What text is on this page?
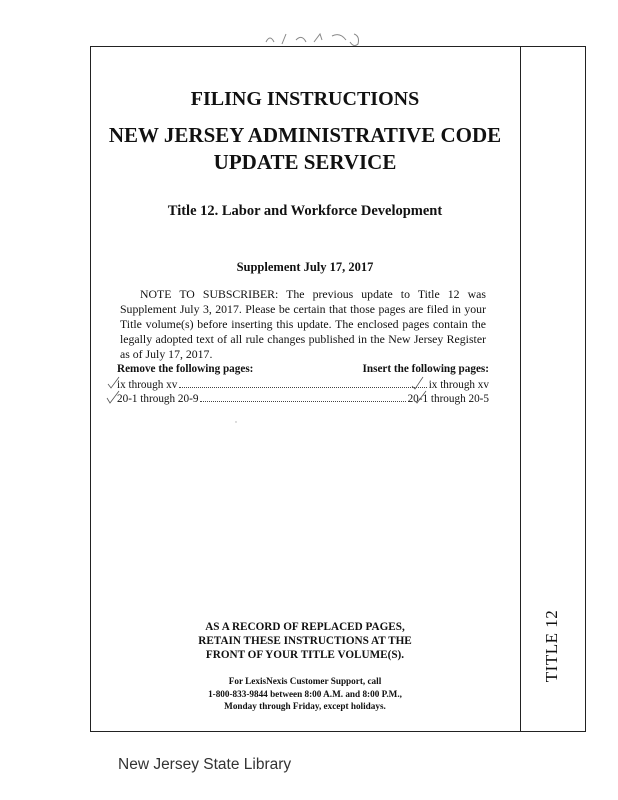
TITLE 12
FILING INSTRUCTIONS
NEW JERSEY ADMINISTRATIVE CODE
UPDATE SERVICE
Title 12. Labor and Workforce Development
Supplement July 17, 2017
NOTE TO SUBSCRIBER: The previous update to Title 12 was Supplement July 3, 2017. Please be certain that those pages are filed in your Title volume(s) before inserting this update. The enclosed pages contain the legally adopted text of all rule changes published in the New Jersey Register as of July 17, 2017.
Remove the following pages:	Insert the following pages:
ix through xv	ix through xv
20-1 through 20-9	20-1 through 20-5
AS A RECORD OF REPLACED PAGES,
RETAIN THESE INSTRUCTIONS AT THE
FRONT OF YOUR TITLE VOLUME(S).
For LexisNexis Customer Support, call
1-800-833-9844 between 8:00 A.M. and 8:00 P.M.,
Monday through Friday, except holidays.
New Jersey State Library
